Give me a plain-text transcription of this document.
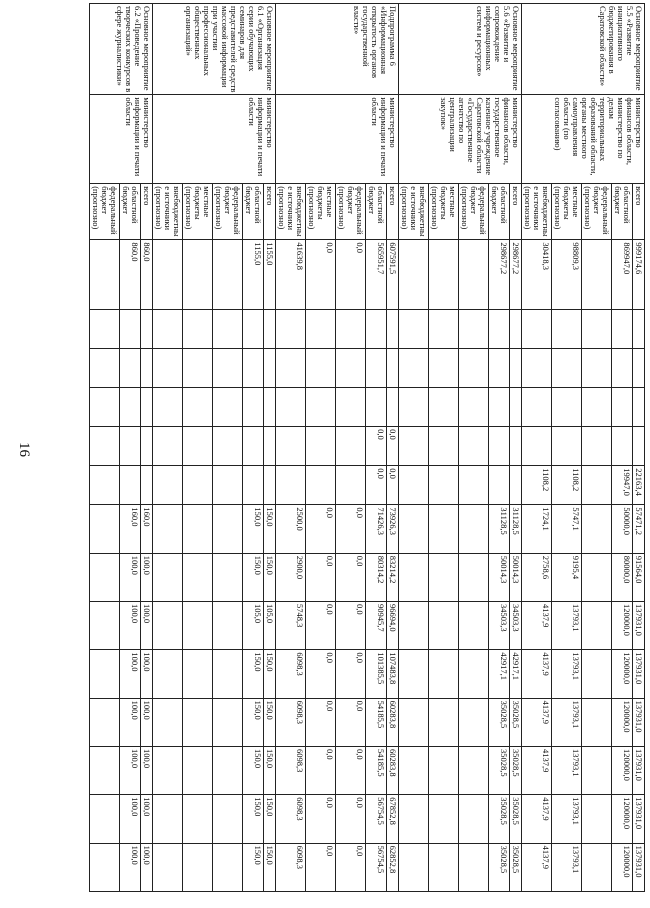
16
Основное мероприятие 5.5 «Развитие инициативного бюджетирования в Саратовской области»	министерство финансов области, министерство по делам территориальных образований области, органы местного самоуправления области (по согласованию)	всего	999174,6					22163,4	57471,2	91564,0	137931,0	137931,0	137931,0	137931,0	137931,0	137931,0
		областной бюджет	869947,0					19947,0	50000,0	80000,0	120000,0	120000,0	120000,0	120000,0	120000,0	120000,0
		федеральный бюджет (прогнозно)														
		местные бюджеты (прогнозно)	98809,3					1108,2	5747,1	9195,4	13793,1	13793,1	13793,1	13793,1	13793,1	13793,1
		внебюджетные источники (прогнозно)	30418,3					1108,2	1724,1	2758,6	4137,9	4137,9	4137,9	4137,9	4137,9	4137,9
Основное мероприятие 5.6 «Развитие и сопровождение информационных систем и ресурсов»	министерство финансов области, государственное казенное учреждение Саратовской области «Государственное агентство по централизации закупок»	всего	298677,2						31128,5	50014,3	34503,3	42917,1	35028,5	35028,5	35028,5	35028,5
		областной бюджет	298677,2						31128,5	50014,3	34503,3	42917,1	35028,5	35028,5	35028,5	35028,5
		федеральный бюджет (прогнозно)														
		местные бюджеты (прогнозно)														
		внебюджетные источники (прогнозно)														
Подпрограмма 6 «Информационная открытость органов государственной власти»	министерство информации и печати области	всего	607591,5				0,0	0,0	73926,3	83214,2	96694,0	107483,8	60283,8	60283,8	67852,8	62852,8
		областной бюджет	565951,7				0,0	0,0	71426,3	80314,2	90945,7	101385,5	54185,5	54185,5	56754,5	56754,5
		федеральный бюджет (прогнозно)	0,0						0,0	0,0	0,0	0,0	0,0	0,0	0,0	0,0
		местные бюджеты (прогнозно)	0,0						0,0	0,0	0,0	0,0	0,0	0,0	0,0	0,0
		внебюджетные источники (прогнозно)	41639,8						2500,0	2900,0	5748,3	6098,3	6098,3	6098,3	6098,3	6098,3
Основное мероприятие 6.1 «Организация серии обучающих семинаров для представителей средств массовой информации при участии профессиональных общественных организаций»	министерство информации и печати области	всего	1155,0						150,0	150,0	105,0	150,0	150,0	150,0	150,0	150,0
		областной бюджет	1155,0						150,0	150,0	105,0	150,0	150,0	150,0	150,0	150,0
		федеральный бюджет (прогнозно)														
		местные бюджеты (прогнозно)														
		внебюджетные источники (прогнозно)														
Основное мероприятие 6.2 «Проведение творческих конкурсов в сфере журналистики»	министерство информации и печати области	всего	860,0						160,0	100,0	100,0	100,0	100,0	100,0	100,0	100,0
		областной бюджет	860,0						160,0	100,0	100,0	100,0	100,0	100,0	100,0	100,0
		федеральный бюджет (прогнозно)														
